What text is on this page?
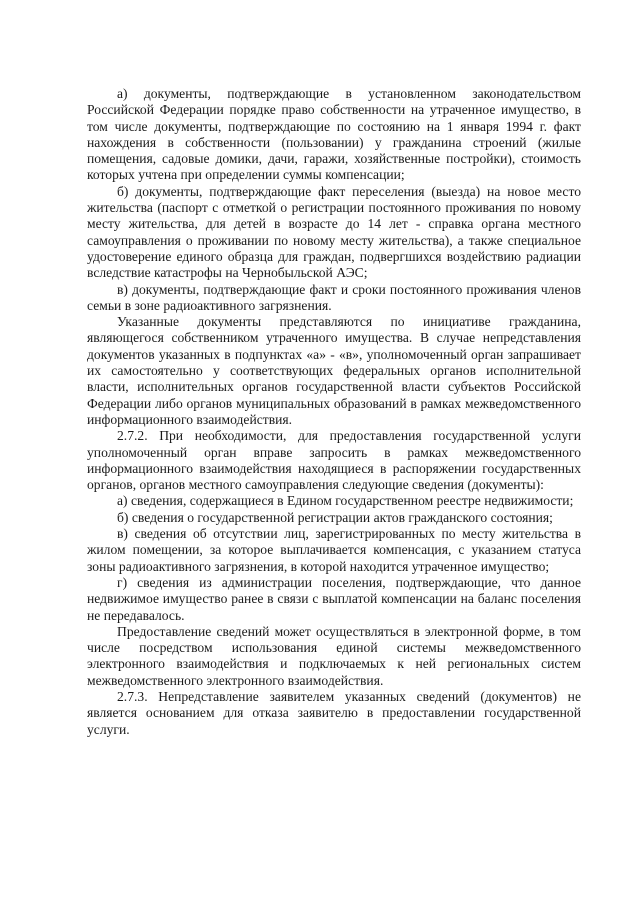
а) документы, подтверждающие в установленном законодательством Российской Федерации порядке право собственности на утраченное имущество, в том числе документы, подтверждающие по состоянию на 1 января 1994 г. факт нахождения в собственности (пользовании) у гражданина строений (жилые помещения, садовые домики, дачи, гаражи, хозяйственные постройки), стоимость которых учтена при определении суммы компенсации;

б) документы, подтверждающие факт переселения (выезда) на новое место жительства (паспорт с отметкой о регистрации постоянного проживания по новому месту жительства, для детей в возрасте до 14 лет - справка органа местного самоуправления о проживании по новому месту жительства), а также специальное удостоверение единого образца для граждан, подвергшихся воздействию радиации вследствие катастрофы на Чернобыльской АЭС;

в) документы, подтверждающие факт и сроки постоянного проживания членов семьи в зоне радиоактивного загрязнения.

Указанные документы представляются по инициативе гражданина, являющегося собственником утраченного имущества. В случае непредставления документов указанных в подпунктах «а» - «в», уполномоченный орган запрашивает их самостоятельно у соответствующих федеральных органов исполнительной власти, исполнительных органов государственной власти субъектов Российской Федерации либо органов муниципальных образований в рамках межведомственного информационного взаимодействия.

2.7.2. При необходимости, для предоставления государственной услуги уполномоченный орган вправе запросить в рамках межведомственного информационного взаимодействия находящиеся в распоряжении государственных органов, органов местного самоуправления следующие сведения (документы):

а) сведения, содержащиеся в Едином государственном реестре недвижимости;

б) сведения о государственной регистрации актов гражданского состояния;

в) сведения об отсутствии лиц, зарегистрированных по месту жительства в жилом помещении, за которое выплачивается компенсация, с указанием статуса зоны радиоактивного загрязнения, в которой находится утраченное имущество;

г) сведения из администрации поселения, подтверждающие, что данное недвижимое имущество ранее в связи с выплатой компенсации на баланс поселения не передавалось.

Предоставление сведений может осуществляться в электронной форме, в том числе посредством использования единой системы межведомственного электронного взаимодействия и подключаемых к ней региональных систем межведомственного электронного взаимодействия.

2.7.3. Непредставление заявителем указанных сведений (документов) не является основанием для отказа заявителю в предоставлении государственной услуги.
